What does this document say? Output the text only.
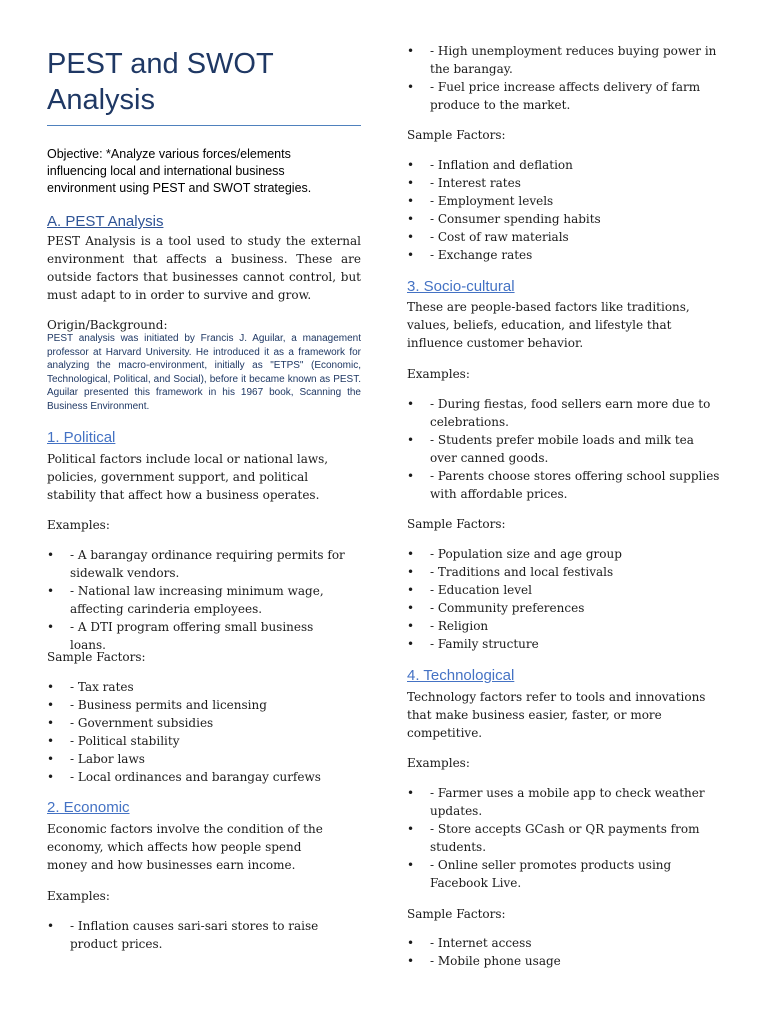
PEST and SWOT
Analysis

Objective: *Analyze various forces/elements influencing local and international business environment using PEST and SWOT strategies.

A. PEST Analysis

PEST Analysis is a tool used to study the external environment that affects a business. These are outside factors that businesses cannot control, but must adapt to in order to survive and grow.

Origin/Background:

PEST analysis was initiated by Francis J. Aguilar, a management professor at Harvard University. He introduced it as a framework for analyzing the macro-environment, initially as "ETPS" (Economic, Technological, Political, and Social), before it became known as PEST. Aguilar presented this framework in his 1967 book, Scanning the Business Environment.

1. Political

Political factors include local or national laws, policies, government support, and political stability that affect how a business operates.

Examples:

• - A barangay ordinance requiring permits for sidewalk vendors.
• - National law increasing minimum wage, affecting carinderia employees.
• - A DTI program offering small business loans.

Sample Factors:

• - Tax rates
• - Business permits and licensing
• - Government subsidies
• - Political stability
• - Labor laws
• - Local ordinances and barangay curfews
2. Economic

Economic factors involve the condition of the economy, which affects how people spend money and how businesses earn income.

Examples:

• - Inflation causes sari-sari stores to raise product prices.
• - High unemployment reduces buying power in the barangay.
• - Fuel price increase affects delivery of farm produce to the market.

Sample Factors:

• - Inflation and deflation
• - Interest rates
• - Employment levels
• - Consumer spending habits
• - Cost of raw materials
• - Exchange rates
3. Socio-cultural

These are people-based factors like traditions, values, beliefs, education, and lifestyle that influence customer behavior.

Examples:

• - During fiestas, food sellers earn more due to celebrations.
• - Students prefer mobile loads and milk tea over canned goods.
• - Parents choose stores offering school supplies with affordable prices.

Sample Factors:

• - Population size and age group
• - Traditions and local festivals
• - Education level
• - Community preferences
• - Religion
• - Family structure
4. Technological

Technology factors refer to tools and innovations that make business easier, faster, or more competitive.

Examples:

• - Farmer uses a mobile app to check weather updates.
• - Store accepts GCash or QR payments from students.
• - Online seller promotes products using Facebook Live.

Sample Factors:

• - Internet access
• - Mobile phone usage
